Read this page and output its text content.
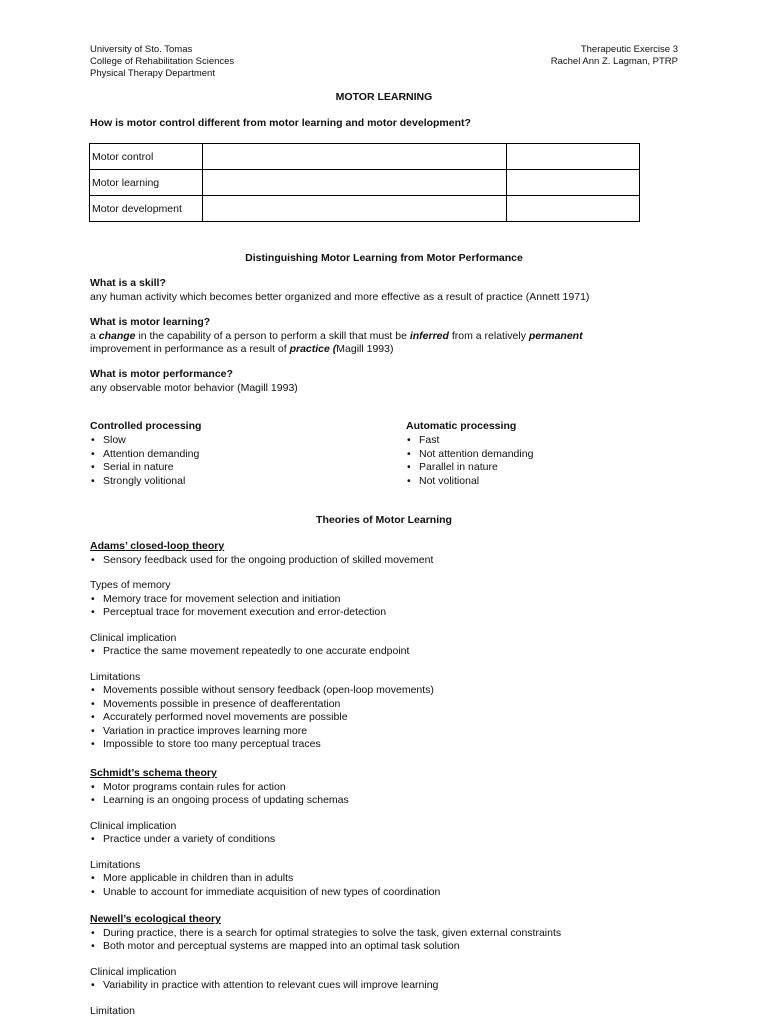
University of Sto. Tomas
College of Rehabilitation Sciences
Physical Therapy Department
Therapeutic Exercise 3
Rachel Ann Z. Lagman, PTRP
MOTOR LEARNING
How is motor control different from motor learning and motor development?
Motor control		
Motor learning		
Motor development		
Distinguishing Motor Learning from Motor Performance
What is a skill?
any human activity which becomes better organized and more effective as a result of practice (Annett 1971)
What is motor learning?
a change in the capability of a person to perform a skill that must be inferred from a relatively permanent
improvement in performance as a result of practice (Magill 1993)
What is motor performance?
any observable motor behavior (Magill 1993)
Controlled processing
• Slow
• Attention demanding
• Serial in nature
• Strongly volitional
Automatic processing
• Fast
• Not attention demanding
• Parallel in nature
• Not volitional
Theories of Motor Learning
Adams’ closed-loop theory
• Sensory feedback used for the ongoing production of skilled movement
Types of memory
• Memory trace for movement selection and initiation
• Perceptual trace for movement execution and error-detection
Clinical implication
• Practice the same movement repeatedly to one accurate endpoint
Limitations
• Movements possible without sensory feedback (open-loop movements)
• Movements possible in presence of deafferentation
• Accurately performed novel movements are possible
• Variation in practice improves learning more
• Impossible to store too many perceptual traces
Schmidt’s schema theory
• Motor programs contain rules for action
• Learning is an ongoing process of updating schemas
Clinical implication
• Practice under a variety of conditions
Limitations
• More applicable in children than in adults
• Unable to account for immediate acquisition of new types of coordination
Newell’s ecological theory
• During practice, there is a search for optimal strategies to solve the task, given external constraints
• Both motor and perceptual systems are mapped into an optimal task solution
Clinical implication
• Variability in practice with attention to relevant cues will improve learning
Limitation
